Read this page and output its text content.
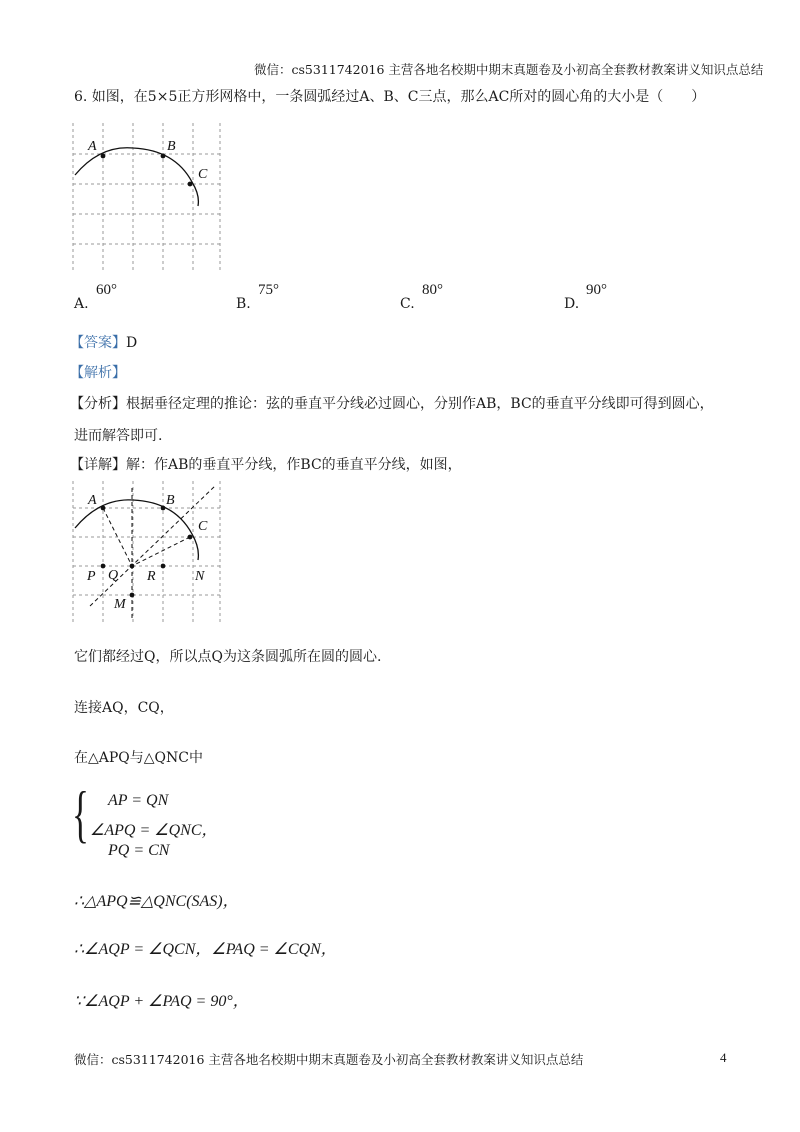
微信：cs5311742016 主营各地名校期中期末真题卷及小初高全套教材教案讲义知识点总结
6. 如图，在5×5正方形网格中，一条圆弧经过A、B、C三点，那么AC所对的圆心角的大小是（　　）
A	B
C
A.
60°
B.
75°
C.
80°
D.
90°
【答案】D
【解析】
【分析】根据垂径定理的推论：弦的垂直平分线必过圆心，分别作AB，BC的垂直平分线即可得到圆心，
进而解答即可.
【详解】解：作AB的垂直平分线，作BC的垂直平分线，如图，
A	B
C
P Q R	N
M
它们都经过Q，所以点Q为这条圆弧所在圆的圆心.
连接AQ，CQ，
在△APQ与△QNC中
{ AP = QN
∠APQ = ∠QNC，
PQ = CN
∴△APQ≌△QNC(SAS)，
∴∠AQP = ∠QCN，∠PAQ = ∠CQN，
∵∠AQP + ∠PAQ = 90°，
微信：cs5311742016 主营各地名校期中期末真题卷及小初高全套教材教案讲义知识点总结	4
